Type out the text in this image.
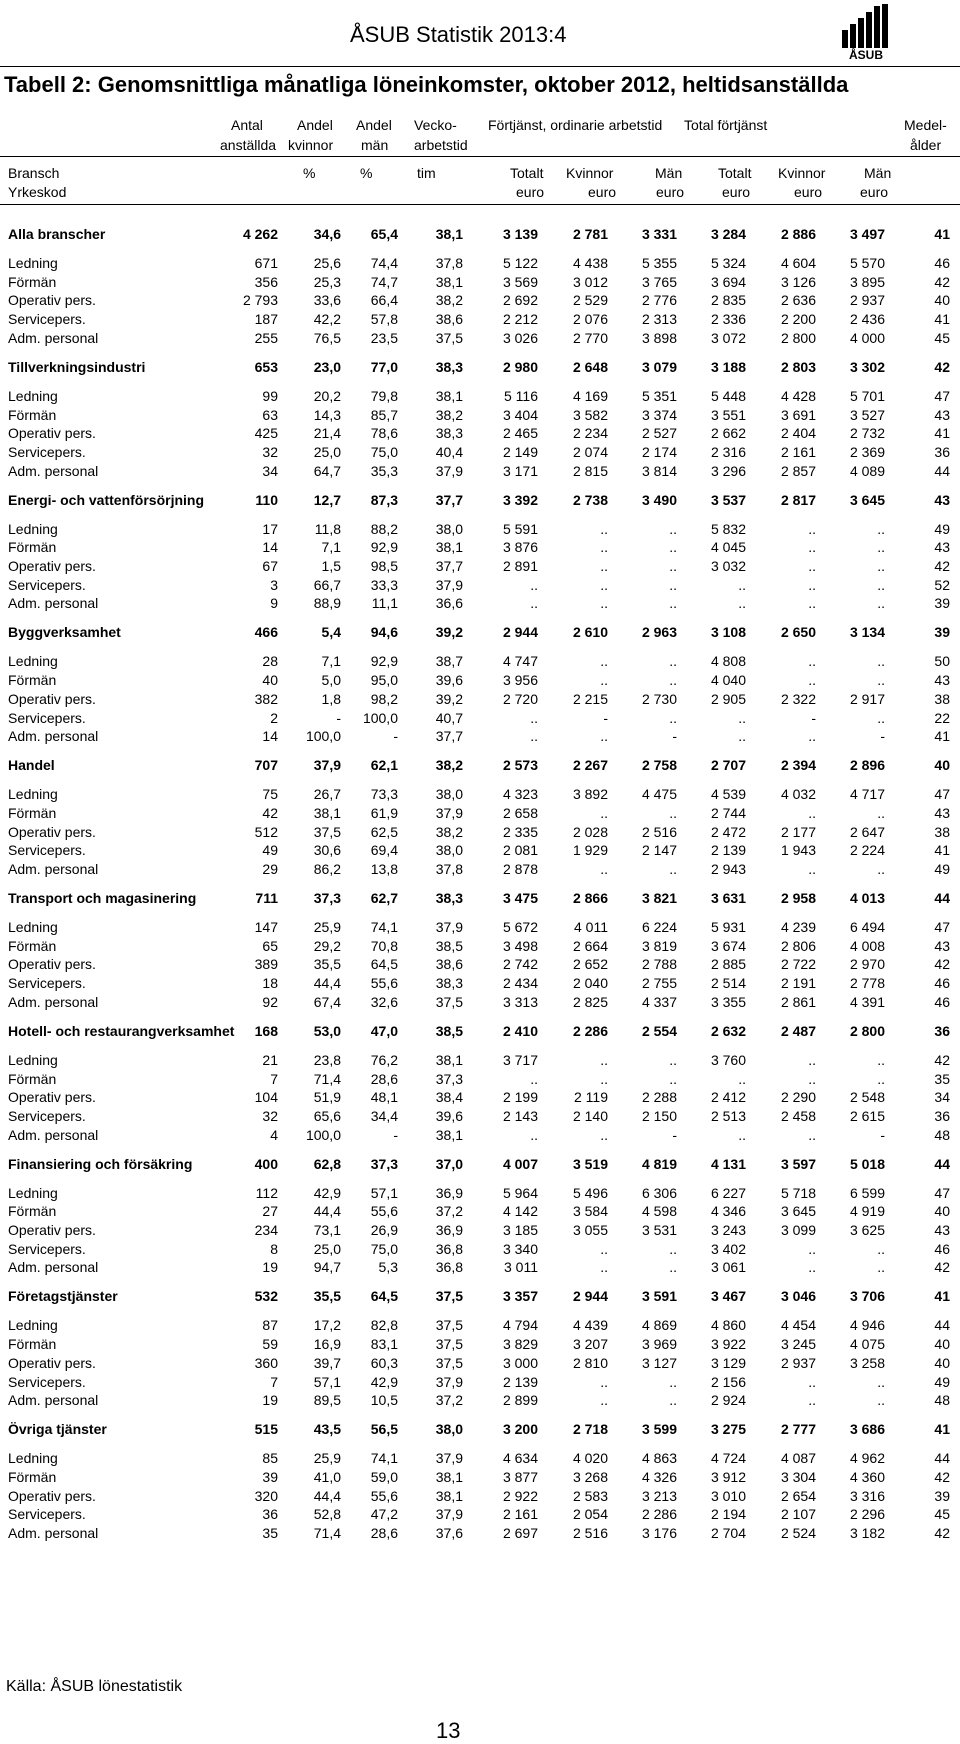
ÅSUB Statistik 2013:4
ÅSUB
Tabell 2: Genomsnittliga månatliga löneinkomster, oktober 2012, heltidsanställda
Antal Andel Andel Vecko- Förtjänst, ordinarie arbetstid Total förtjänst	Medel-
anställda kvinnor män arbetstid	ålder
Bransch	%	%	tim	Totalt Kvinnor	Män	Totalt Kvinnor	Män
Yrkeskod	euro	euro	euro	euro	euro	euro
Alla branscher	4 262	34,6	65,4	38,1	3 139	2 781	3 331	3 284	2 886	3 497	41
Ledning	671	25,6	74,4	37,8	5 122	4 438	5 355	5 324	4 604	5 570	46
Förmän	356	25,3	74,7	38,1	3 569	3 012	3 765	3 694	3 126	3 895	42
Operativ pers.	2 793	33,6	66,4	38,2	2 692	2 529	2 776	2 835	2 636	2 937	40
Servicepers.	187	42,2	57,8	38,6	2 212	2 076	2 313	2 336	2 200	2 436	41
Adm. personal	255	76,5	23,5	37,5	3 026	2 770	3 898	3 072	2 800	4 000	45
Tillverkningsindustri	653	23,0	77,0	38,3	2 980	2 648	3 079	3 188	2 803	3 302	42
Ledning	99	20,2	79,8	38,1	5 116	4 169	5 351	5 448	4 428	5 701	47
Förmän	63	14,3	85,7	38,2	3 404	3 582	3 374	3 551	3 691	3 527	43
Operativ pers.	425	21,4	78,6	38,3	2 465	2 234	2 527	2 662	2 404	2 732	41
Servicepers.	32	25,0	75,0	40,4	2 149	2 074	2 174	2 316	2 161	2 369	36
Adm. personal	34	64,7	35,3	37,9	3 171	2 815	3 814	3 296	2 857	4 089	44
Energi- och vattenförsörjning	110	12,7	87,3	37,7	3 392	2 738	3 490	3 537	2 817	3 645	43
Ledning	17	11,8	88,2	38,0	5 591	..	..	5 832	..	..	49
Förmän	14	7,1	92,9	38,1	3 876	..	..	4 045	..	..	43
Operativ pers.	67	1,5	98,5	37,7	2 891	..	..	3 032	..	..	42
Servicepers.	3	66,7	33,3	37,9	..	..	..	..	..	..	52
Adm. personal	9	88,9	11,1	36,6	..	..	..	..	..	..	39
Byggverksamhet	466	5,4	94,6	39,2	2 944	2 610	2 963	3 108	2 650	3 134	39
Ledning	28	7,1	92,9	38,7	4 747	..	..	4 808	..	..	50
Förmän	40	5,0	95,0	39,6	3 956	..	..	4 040	..	..	43
Operativ pers.	382	1,8	98,2	39,2	2 720	2 215	2 730	2 905	2 322	2 917	38
Servicepers.	2	-	100,0	40,7	..	-	..	..	-	..	22
Adm. personal	14	100,0	-	37,7	..	..	-	..	..	-	41
Handel	707	37,9	62,1	38,2	2 573	2 267	2 758	2 707	2 394	2 896	40
Ledning	75	26,7	73,3	38,0	4 323	3 892	4 475	4 539	4 032	4 717	47
Förmän	42	38,1	61,9	37,9	2 658	..	..	2 744	..	..	43
Operativ pers.	512	37,5	62,5	38,2	2 335	2 028	2 516	2 472	2 177	2 647	38
Servicepers.	49	30,6	69,4	38,0	2 081	1 929	2 147	2 139	1 943	2 224	41
Adm. personal	29	86,2	13,8	37,8	2 878	..	..	2 943	..	..	49
Transport och magasinering	711	37,3	62,7	38,3	3 475	2 866	3 821	3 631	2 958	4 013	44
Ledning	147	25,9	74,1	37,9	5 672	4 011	6 224	5 931	4 239	6 494	47
Förmän	65	29,2	70,8	38,5	3 498	2 664	3 819	3 674	2 806	4 008	43
Operativ pers.	389	35,5	64,5	38,6	2 742	2 652	2 788	2 885	2 722	2 970	42
Servicepers.	18	44,4	55,6	38,3	2 434	2 040	2 755	2 514	2 191	2 778	46
Adm. personal	92	67,4	32,6	37,5	3 313	2 825	4 337	3 355	2 861	4 391	46
Hotell- och restaurangverksamhet	168	53,0	47,0	38,5	2 410	2 286	2 554	2 632	2 487	2 800	36
Ledning	21	23,8	76,2	38,1	3 717	..	..	3 760	..	..	42
Förmän	7	71,4	28,6	37,3	..	..	..	..	..	..	35
Operativ pers.	104	51,9	48,1	38,4	2 199	2 119	2 288	2 412	2 290	2 548	34
Servicepers.	32	65,6	34,4	39,6	2 143	2 140	2 150	2 513	2 458	2 615	36
Adm. personal	4	100,0	-	38,1	..	..	-	..	..	-	48
Finansiering och försäkring	400	62,8	37,3	37,0	4 007	3 519	4 819	4 131	3 597	5 018	44
Ledning	112	42,9	57,1	36,9	5 964	5 496	6 306	6 227	5 718	6 599	47
Förmän	27	44,4	55,6	37,2	4 142	3 584	4 598	4 346	3 645	4 919	40
Operativ pers.	234	73,1	26,9	36,9	3 185	3 055	3 531	3 243	3 099	3 625	43
Servicepers.	8	25,0	75,0	36,8	3 340	..	..	3 402	..	..	46
Adm. personal	19	94,7	5,3	36,8	3 011	..	..	3 061	..	..	42
Företagstjänster	532	35,5	64,5	37,5	3 357	2 944	3 591	3 467	3 046	3 706	41
Ledning	87	17,2	82,8	37,5	4 794	4 439	4 869	4 860	4 454	4 946	44
Förmän	59	16,9	83,1	37,5	3 829	3 207	3 969	3 922	3 245	4 075	40
Operativ pers.	360	39,7	60,3	37,5	3 000	2 810	3 127	3 129	2 937	3 258	40
Servicepers.	7	57,1	42,9	37,9	2 139	..	..	2 156	..	..	49
Adm. personal	19	89,5	10,5	37,2	2 899	..	..	2 924	..	..	48
Övriga tjänster	515	43,5	56,5	38,0	3 200	2 718	3 599	3 275	2 777	3 686	41
Ledning	85	25,9	74,1	37,9	4 634	4 020	4 863	4 724	4 087	4 962	44
Förmän	39	41,0	59,0	38,1	3 877	3 268	4 326	3 912	3 304	4 360	42
Operativ pers.	320	44,4	55,6	38,1	2 922	2 583	3 213	3 010	2 654	3 316	39
Servicepers.	36	52,8	47,2	37,9	2 161	2 054	2 286	2 194	2 107	2 296	45
Adm. personal	35	71,4	28,6	37,6	2 697	2 516	3 176	2 704	2 524	3 182	42
Källa: ÅSUB lönestatistik
13
